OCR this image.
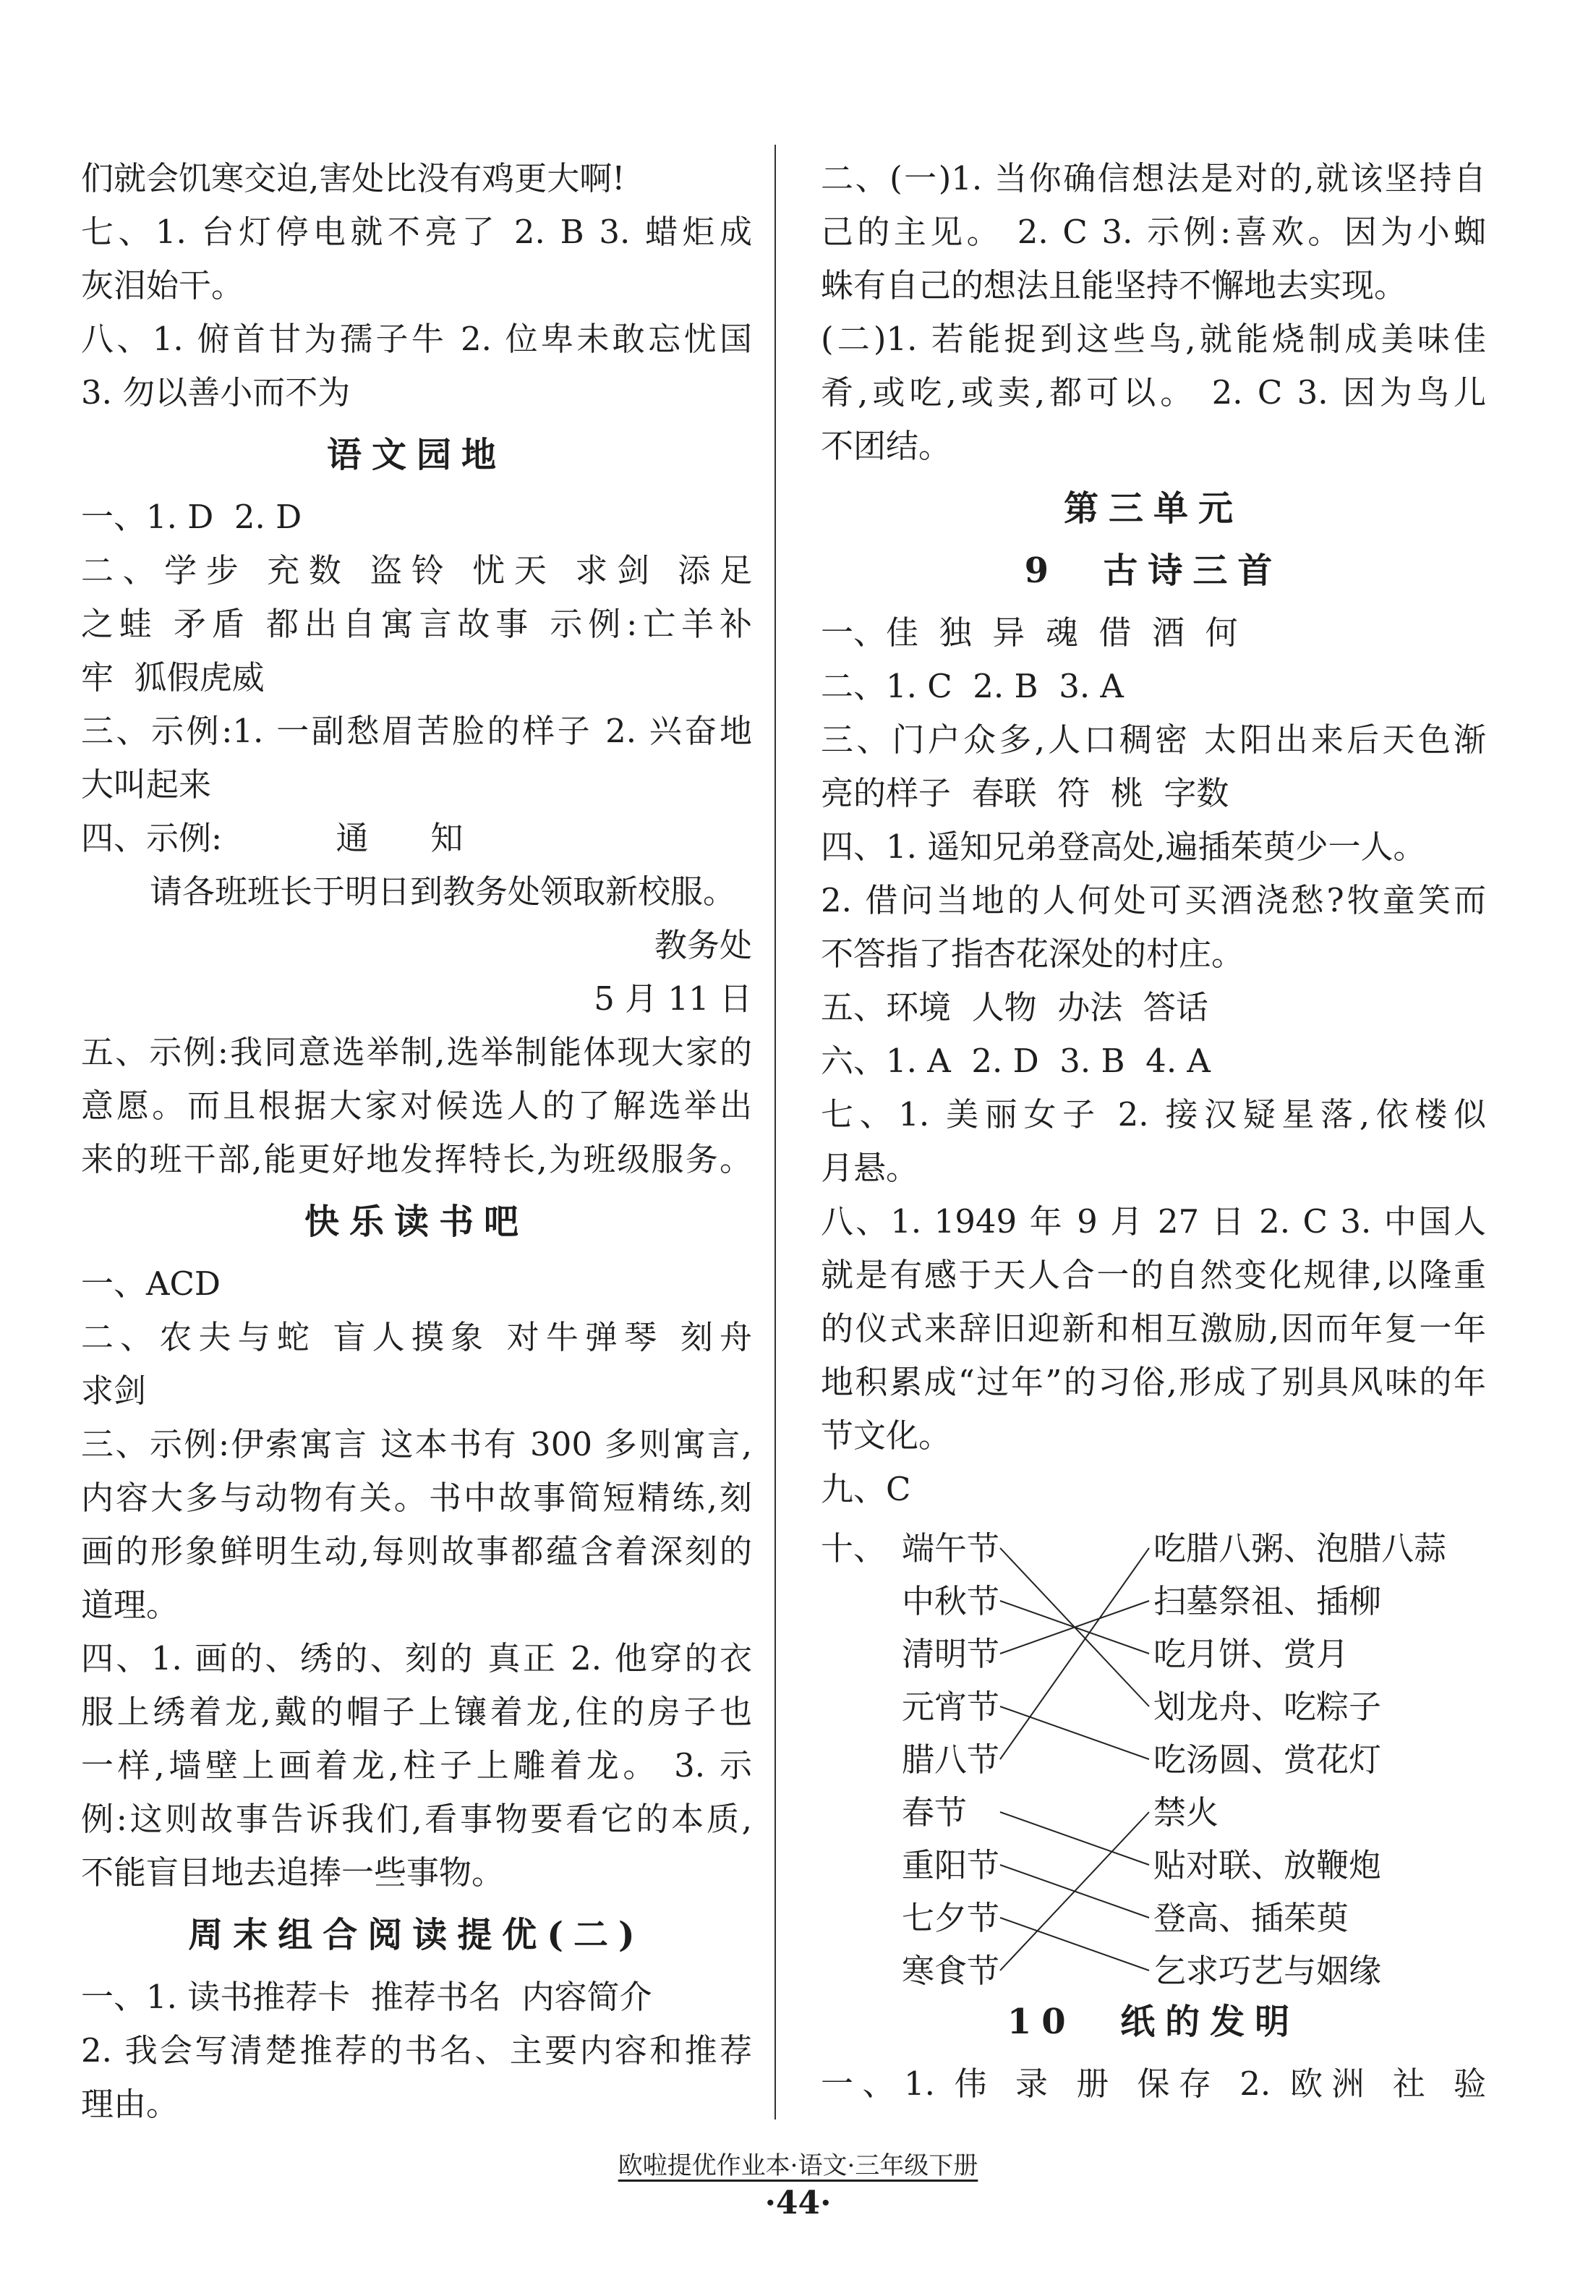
们就会饥寒交迫,害处比没有鸡更大啊!
七、1. 台灯停电就不亮了 2. B 3. 蜡炬成
灰泪始干。
八、1. 俯首甘为孺子牛 2. 位卑未敢忘忧国
3. 勿以善小而不为
语文园地
一、1. D  2. D
二、学步 充数 盗铃 忧天 求剑 添足
之蛙 矛盾 都出自寓言故事 示例:亡羊补
牢  狐假虎威
三、示例:1. 一副愁眉苦脸的样子 2. 兴奋地
大叫起来
四、示例:           通      知
请各班班长于明日到教务处领取新校服。
教务处
5 月 11 日
五、示例:我同意选举制,选举制能体现大家的
意愿。而且根据大家对候选人的了解选举出
来的班干部,能更好地发挥特长,为班级服务。
快乐读书吧
一、ACD
二、农夫与蛇 盲人摸象 对牛弹琴 刻舟
求剑
三、示例:伊索寓言 这本书有 300 多则寓言,
内容大多与动物有关。书中故事简短精练,刻
画的形象鲜明生动,每则故事都蕴含着深刻的
道理。
四、1. 画的、绣的、刻的 真正 2. 他穿的衣
服上绣着龙,戴的帽子上镶着龙,住的房子也
一样,墙壁上画着龙,柱子上雕着龙。 3. 示
例:这则故事告诉我们,看事物要看它的本质,
不能盲目地去追捧一些事物。
周末组合阅读提优(二)
一、1. 读书推荐卡  推荐书名  内容简介
2. 我会写清楚推荐的书名、主要内容和推荐
理由。
二、(一)1. 当你确信想法是对的,就该坚持自
己的主见。 2. C 3. 示例:喜欢。因为小蜘
蛛有自己的想法且能坚持不懈地去实现。
(二)1. 若能捉到这些鸟,就能烧制成美味佳
肴,或吃,或卖,都可以。 2. C 3. 因为鸟儿
不团结。
第三单元
9  古诗三首
一、佳  独  异  魂  借  酒  何
二、1. C  2. B  3. A
三、门户众多,人口稠密 太阳出来后天色渐
亮的样子  春联  符  桃  字数
四、1. 遥知兄弟登高处,遍插茱萸少一人。
2. 借问当地的人何处可买酒浇愁?牧童笑而
不答指了指杏花深处的村庄。
五、环境  人物  办法  答话
六、1. A  2. D  3. B  4. A
七、1. 美丽女子 2. 接汉疑星落,依楼似
月悬。
八、1. 1949 年 9 月 27 日 2. C 3. 中国人
就是有感于天人合一的自然变化规律,以隆重
的仪式来辞旧迎新和相互激励,因而年复一年
地积累成“过年”的习俗,形成了别具风味的年
节文化。
九、C
十、 端午节
中秋节
清明节
元宵节
腊八节
春节
重阳节
七夕节
寒食节
吃腊八粥、泡腊八蒜
扫墓祭祖、插柳
吃月饼、赏月
划龙舟、吃粽子
吃汤圆、赏花灯
禁火
贴对联、放鞭炮
登高、插茱萸
乞求巧艺与姻缘
10  纸的发明
一、1. 伟 录 册 保存 2. 欧洲 社 验
欧啦提优作业本·语文·三年级下册
·44·
